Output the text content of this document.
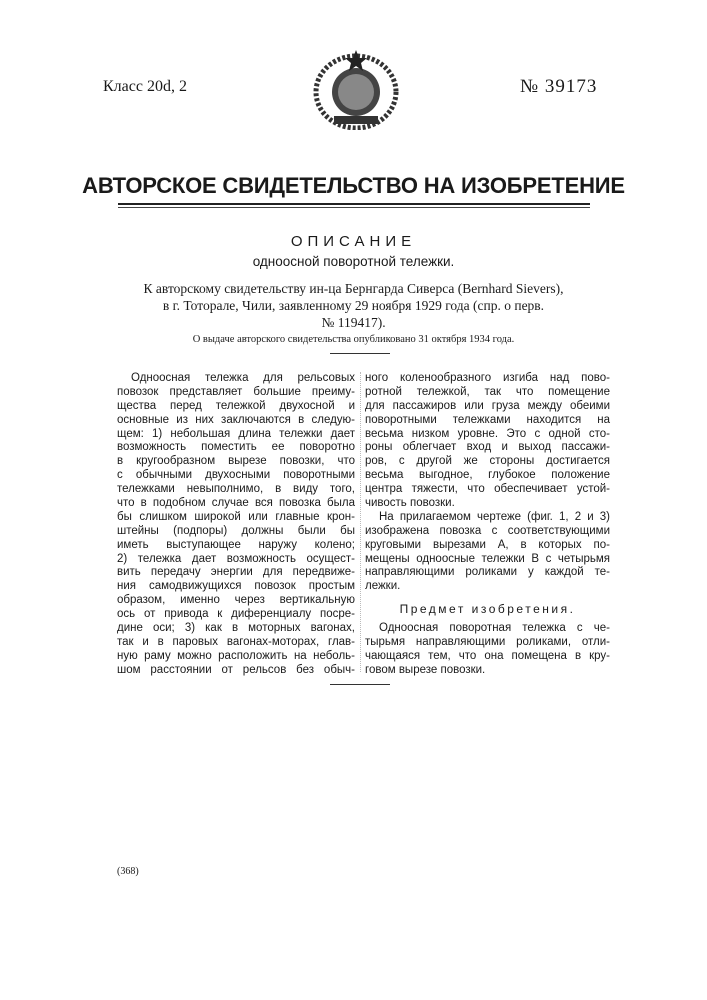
Класс 20d, 2	№ 39173
АВТОРСКОЕ СВИДЕТЕЛЬСТВО НА ИЗОБРЕТЕНИЕ
ОПИСАНИЕ
одноосной поворотной тележки.
К авторскому свидетельству ин-ца Бернгарда Сиверса (Bernhard Sievers),
в г. Тоторале, Чили, заявленному 29 ноября 1929 года (спр. о перв.
№ 119417).
О выдаче авторского свидетельства опубликовано 31 октября 1934 года.
Одноосная тележка для рельсовых
повозок представляет большие преиму-
щества перед тележкой двухосной и
основные из них заключаются в следую-
щем: 1) небольшая длина тележки дает
возможность поместить ее поворотно
в кругообразном вырезе повозки, что
с обычными двухосными поворотными
тележками невыполнимо, в виду того,
что в подобном случае вся повозка была
бы слишком широкой или главные крон-
штейны (подпоры) должны были бы
иметь выступающее наружу колено;
2) тележка дает возможность осущест-
вить передачу энергии для передвиже-
ния самодвижущихся повозок простым
образом, именно через вертикальную
ось от привода к диференциалу посре-
дине оси; 3) как в моторных вагонах,
так и в паровых вагонах-моторах, глав-
ную раму можно расположить на неболь-
шом расстоянии от рельсов без обыч-
ного коленообразного изгиба над пово-
ротной тележкой, так что помещение
для пассажиров или груза между обеими
поворотными тележками находится на
весьма низком уровне. Это с одной сто-
роны облегчает вход и выход пассажи-
ров, с другой же стороны достигается
весьма выгодное, глубокое положение
центра тяжести, что обеспечивает устой-
чивость повозки.
На прилагаемом чертеже (фиг. 1, 2 и 3)
изображена повозка с соответствующими
круговыми вырезами A, в которых по-
мещены одноосные тележки B с четырьмя
направляющими роликами у каждой те-
лежки.
Предмет изобретения.
Одноосная поворотная тележка с че-
тырьмя направляющими роликами, отли-
чающаяся тем, что она помещена в кру-
говом вырезе повозки.
(368)
